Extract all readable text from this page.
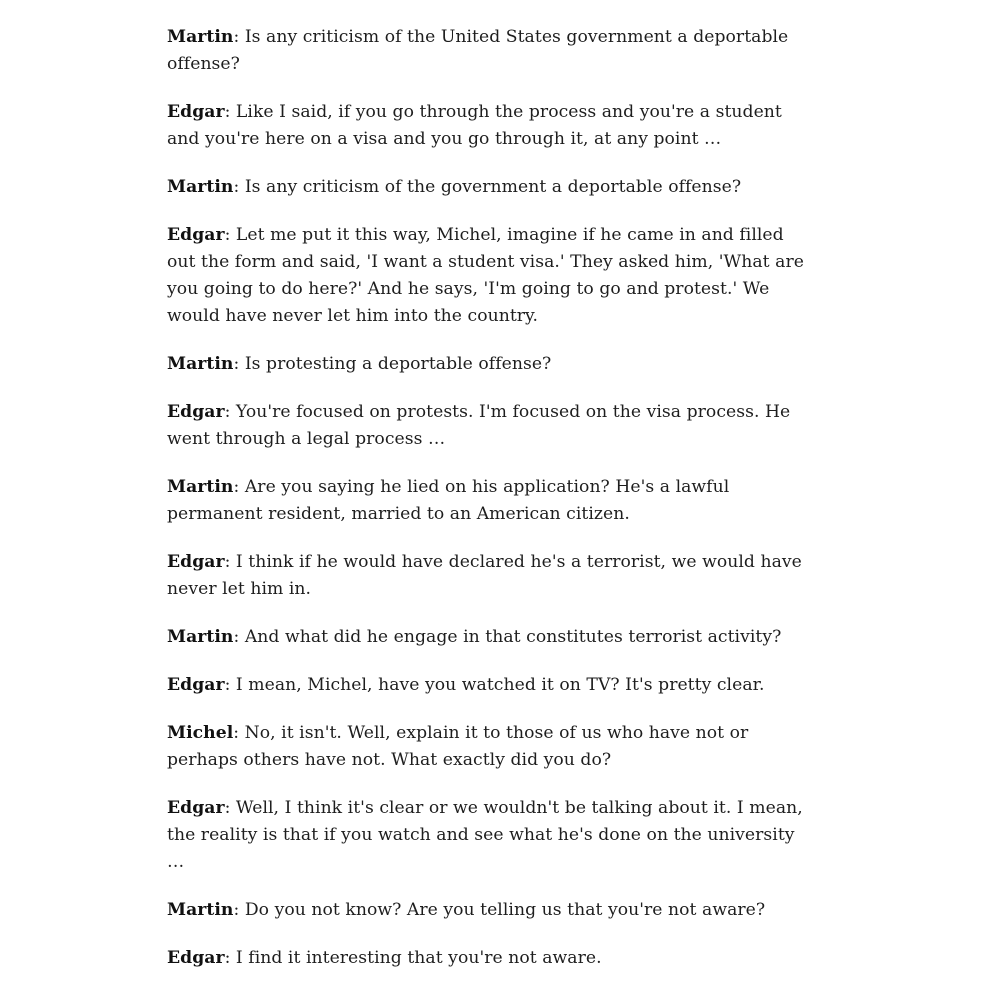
Martin: Is any criticism of the United States government a deportable offense?

Edgar: Like I said, if you go through the process and you're a student and you're here on a visa and you go through it, at any point …

Martin: Is any criticism of the government a deportable offense?

Edgar: Let me put it this way, Michel, imagine if he came in and filled out the form and said, 'I want a student visa.' They asked him, 'What are you going to do here?' And he says, 'I'm going to go and protest.' We would have never let him into the country.

Martin: Is protesting a deportable offense?

Edgar: You're focused on protests. I'm focused on the visa process. He went through a legal process …

Martin: Are you saying he lied on his application? He's a lawful permanent resident, married to an American citizen.

Edgar: I think if he would have declared he's a terrorist, we would have never let him in.

Martin: And what did he engage in that constitutes terrorist activity?

Edgar: I mean, Michel, have you watched it on TV? It's pretty clear.

Michel: No, it isn't. Well, explain it to those of us who have not or perhaps others have not. What exactly did you do?

Edgar: Well, I think it's clear or we wouldn't be talking about it. I mean, the reality is that if you watch and see what he's done on the university …

Martin: Do you not know? Are you telling us that you're not aware?

Edgar: I find it interesting that you're not aware.
